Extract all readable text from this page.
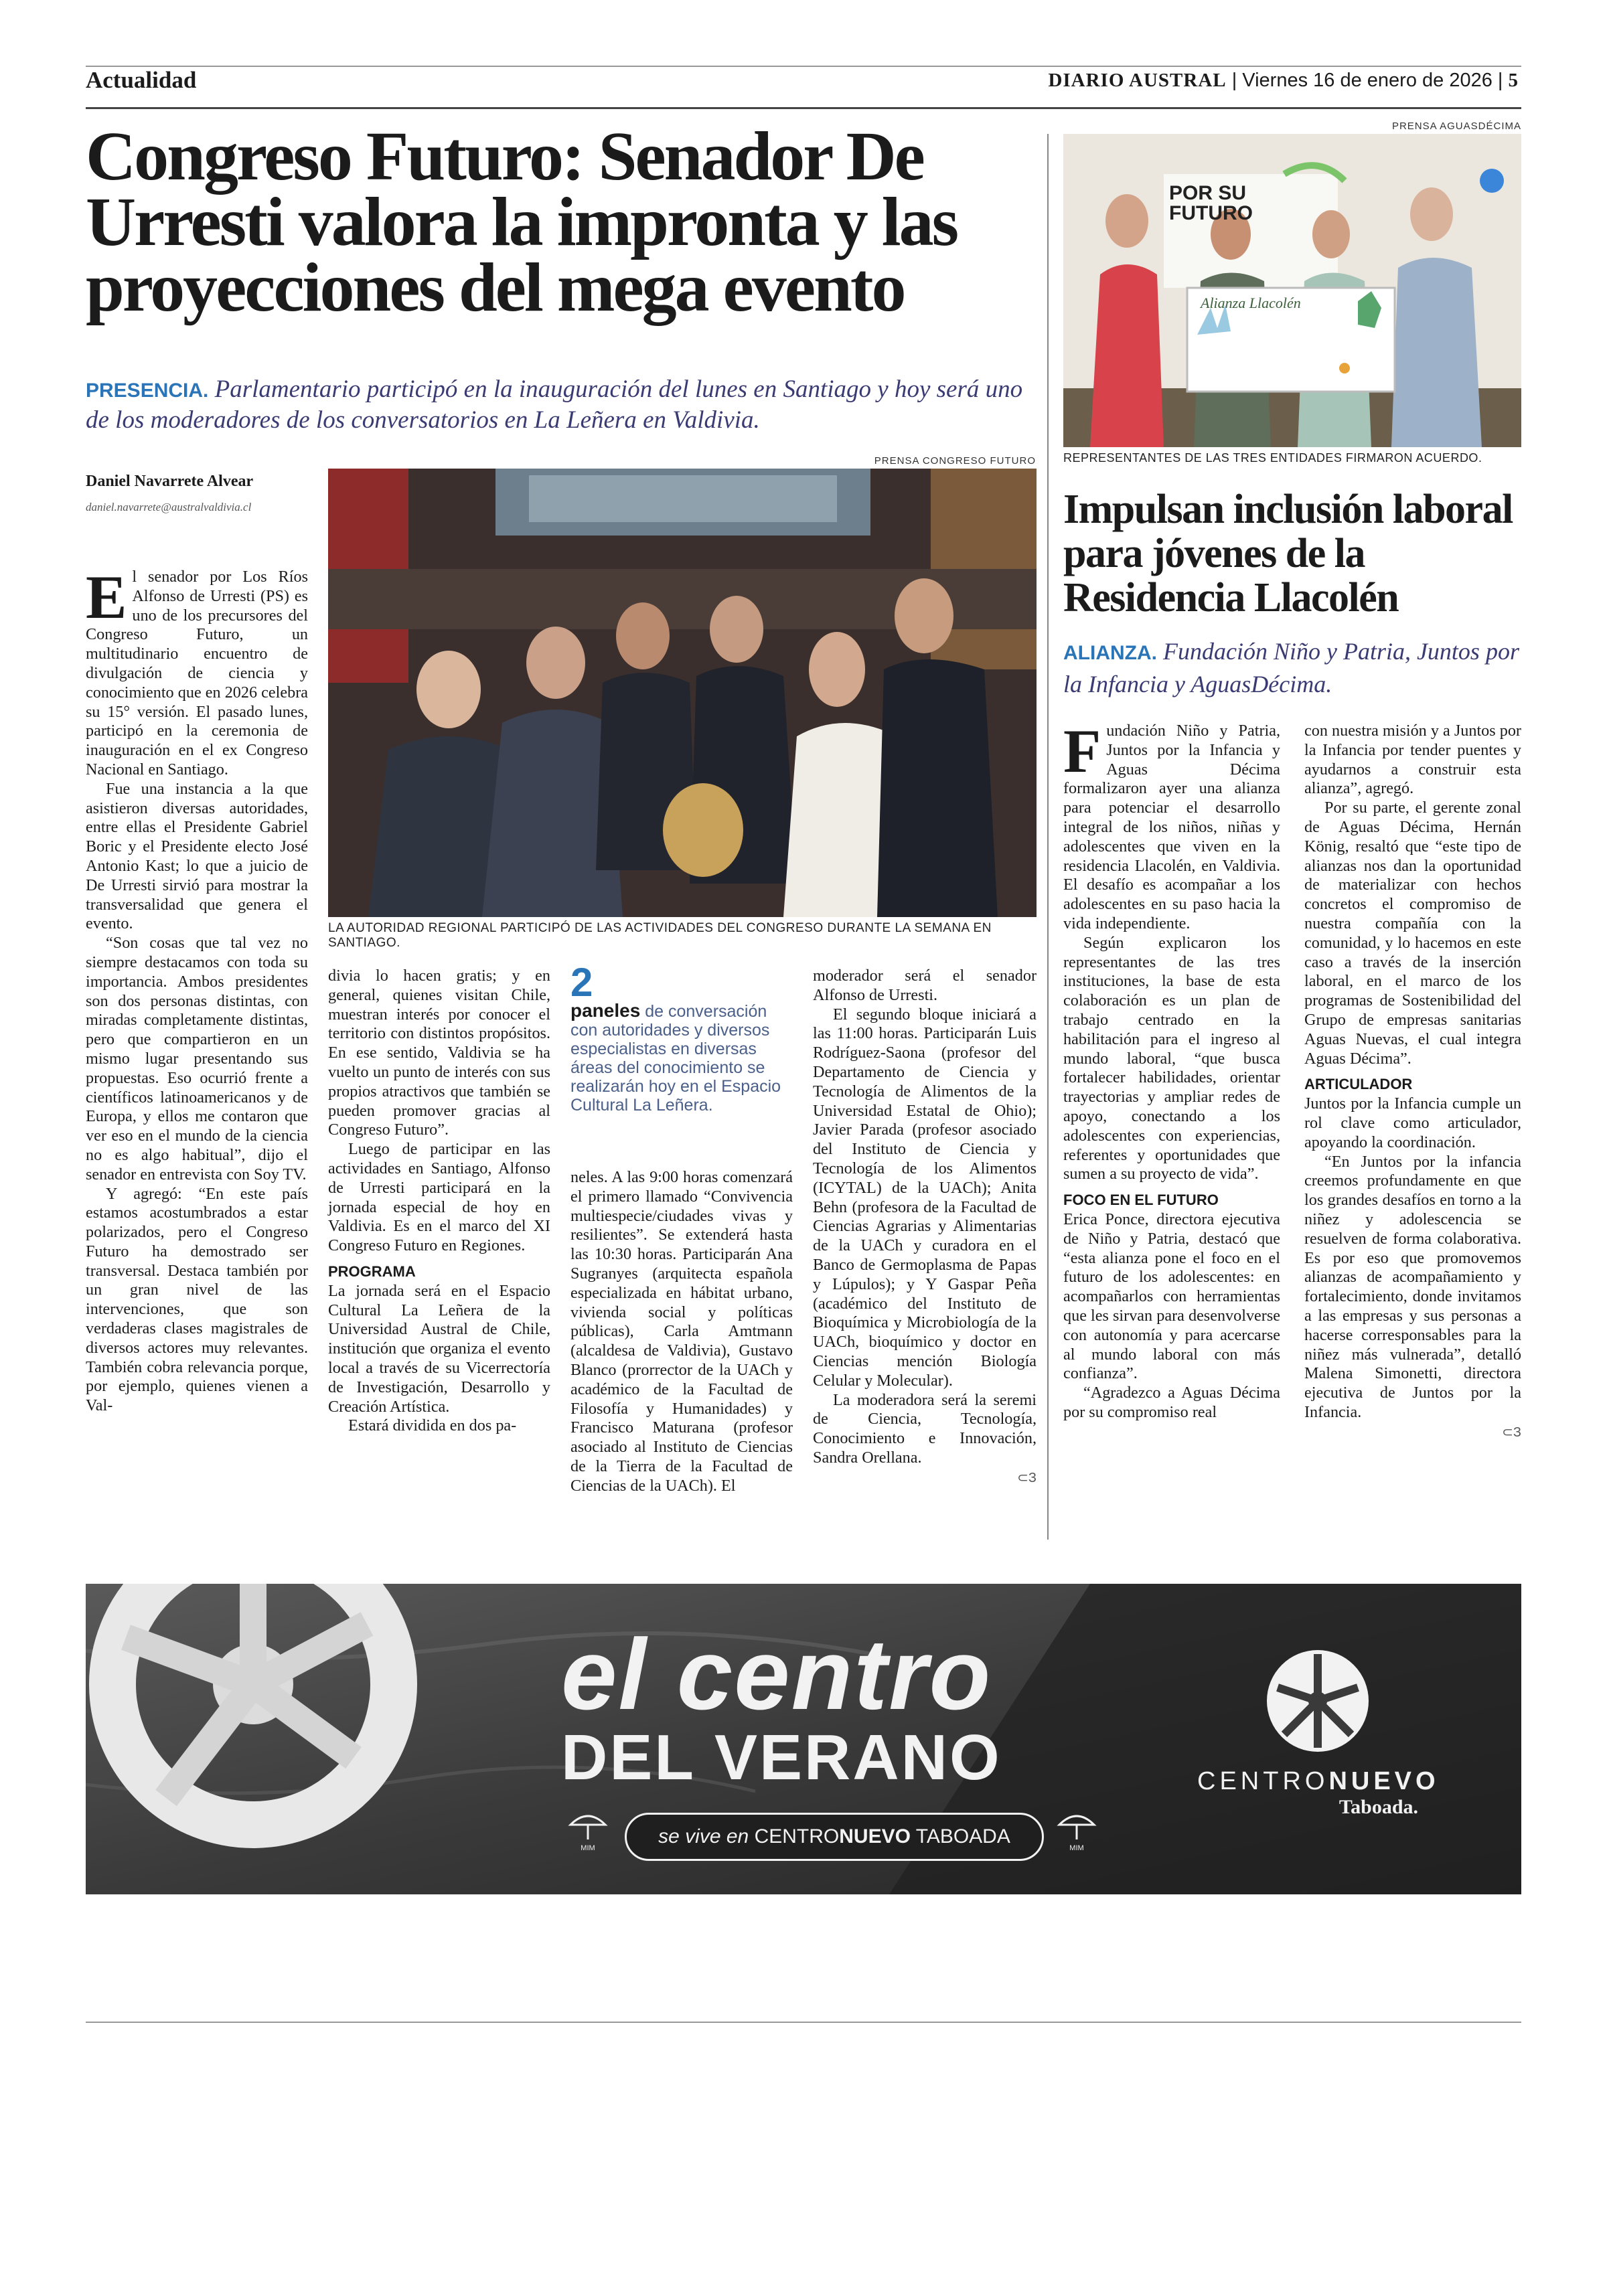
Actualidad	DIARIO AUSTRAL | Viernes 16 de enero de 2026 | 5
Congreso Futuro: Senador De Urresti valora la impronta y las proyecciones del mega evento
PRESENCIA. Parlamentario participó en la inauguración del lunes en Santiago y hoy será uno de los moderadores de los conversatorios en La Leñera en Valdivia.
Daniel Navarrete Alvear
daniel.navarrete@australvaldivia.cl
PRENSA CONGRESO FUTURO
LA AUTORIDAD REGIONAL PARTICIPÓ DE LAS ACTIVIDADES DEL CONGRESO DURANTE LA SEMANA EN SANTIAGO.

El senador por Los Ríos Alfonso de Urresti (PS) es uno de los precursores del Congreso Futuro, un multitudinario encuentro de divulgación de ciencia y conocimiento que en 2026 celebra su 15° versión. El pasado lunes, participó en la ceremonia de inauguración en el ex Congreso Nacional en Santiago.

Fue una instancia a la que asistieron diversas autoridades, entre ellas el Presidente Gabriel Boric y el Presidente electo José Antonio Kast; lo que a juicio de De Urresti sirvió para mostrar la transversalidad que genera el evento.

“Son cosas que tal vez no siempre destacamos con toda su importancia. Ambos presidentes son dos personas distintas, con miradas completamente distintas, pero que compartieron en un mismo lugar presentando sus propuestas. Eso ocurrió frente a científicos latinoamericanos y de Europa, y ellos me contaron que ver eso en el mundo de la ciencia no es algo habitual”, dijo el senador en entrevista con Soy TV.

Y agregó: “En este país estamos acostumbrados a estar polarizados, pero el Congreso Futuro ha demostrado ser transversal. Destaca también por un gran nivel de las intervenciones, que son verdaderas clases magistrales de diversos actores muy relevantes. También cobra relevancia porque, por ejemplo, quienes vienen a Val-

divia lo hacen gratis; y en general, quienes visitan Chile, muestran interés por conocer el territorio con distintos propósitos. En ese sentido, Valdivia se ha vuelto un punto de interés con sus propios atractivos que también se pueden promover gracias al Congreso Futuro”.

Luego de participar en las actividades en Santiago, Alfonso de Urresti participará en la jornada especial de hoy en Valdivia. Es en el marco del XI Congreso Futuro en Regiones.

PROGRAMA

La jornada será en el Espacio Cultural La Leñera de la Universidad Austral de Chile, institución que organiza el evento local a través de su Vicerrectoría de Investigación, Desarrollo y Creación Artística.

Estará dividida en dos pa-

2
paneles de conversación con autoridades y diversos especialistas en diversas áreas del conocimiento se realizarán hoy en el Espacio Cultural La Leñera.

neles. A las 9:00 horas comenzará el primero llamado “Convivencia multiespecie/ciudades vivas y resilientes”. Se extenderá hasta las 10:30 horas. Participarán Ana Sugranyes (arquitecta española especializada en hábitat urbano, vivienda social y políticas públicas), Carla Amtmann (alcaldesa de Valdivia), Gustavo Blanco (prorrector de la UACh y académico de la Facultad de Filosofía y Humanidades) y Francisco Maturana (profesor asociado al Instituto de Ciencias de la Tierra de la Facultad de Ciencias de la UACh). El

moderador será el senador Alfonso de Urresti.

El segundo bloque iniciará a las 11:00 horas. Participarán Luis Rodríguez-Saona (profesor del Departamento de Ciencia y Tecnología de Alimentos de la Universidad Estatal de Ohio); Javier Parada (profesor asociado del Instituto de Ciencia y Tecnología de los Alimentos (ICYTAL) de la UACh); Anita Behn (profesora de la Facultad de Ciencias Agrarias y Alimentarias de la UACh y curadora en el Banco de Germoplasma de Papas y Lúpulos); y Y Gaspar Peña (académico del Instituto de Bioquímica y Microbiología de la UACh, bioquímico y doctor en Ciencias mención Biología Celular y Molecular).

La moderadora será la seremi de Ciencia, Tecnología, Conocimiento e Innovación, Sandra Orellana.

⊂З

PRENSA AGUASDÉCIMA
POR SU
FUTURO
Alianza Llacolén
REPRESENTANTES DE LAS TRES ENTIDADES FIRMARON ACUERDO.
Impulsan inclusión laboral para jóvenes de la Residencia Llacolén
ALIANZA. Fundación Niño y Patria, Juntos por la Infancia y AguasDécima.

Fundación Niño y Patria, Juntos por la Infancia y Aguas Décima formalizaron ayer una alianza para potenciar el desarrollo integral de los niños, niñas y adolescentes que viven en la residencia Llacolén, en Valdivia. El desafío es acompañar a los adolescentes en su paso hacia la vida independiente.

Según explicaron los representantes de las tres instituciones, la base de esta colaboración es un plan de trabajo centrado en la habilitación para el ingreso al mundo laboral, “que busca fortalecer habilidades, orientar trayectorias y ampliar redes de apoyo, conectando a los adolescentes con experiencias, referentes y oportunidades que sumen a su proyecto de vida”.

FOCO EN EL FUTURO

Erica Ponce, directora ejecutiva de Niño y Patria, destacó que “esta alianza pone el foco en el futuro de los adolescentes: en acompañarlos con herramientas que les sirvan para desenvolverse con autonomía y para acercarse al mundo laboral con más confianza”.

“Agradezco a Aguas Décima por su compromiso real

con nuestra misión y a Juntos por la Infancia por tender puentes y ayudarnos a construir esta alianza”, agregó.

Por su parte, el gerente zonal de Aguas Décima, Hernán König, resaltó que “este tipo de alianzas nos dan la oportunidad de materializar con hechos concretos el compromiso de nuestra compañía con la comunidad, y lo hacemos en este caso a través de la inserción laboral, en el marco de los programas de Sostenibilidad del Grupo de empresas sanitarias Aguas Nuevas, el cual integra Aguas Décima”.

ARTICULADOR

Juntos por la Infancia cumple un rol clave como articulador, apoyando la coordinación.

“En Juntos por la infancia creemos profundamente en que los grandes desafíos en torno a la niñez y adolescencia se resuelven de forma colaborativa. Es por eso que promovemos alianzas de acompañamiento y fortalecimiento, donde invitamos a las empresas y sus personas a hacerse corresponsables para la niñez más vulnerada”, detalló Malena Simonetti, directora ejecutiva de Juntos por la Infancia.

⊂З

el centro
DEL VERANO
MIM
se vive en CENTRONUEVO TABOADA
MIM
CENTRONUEVO
Taboada.
